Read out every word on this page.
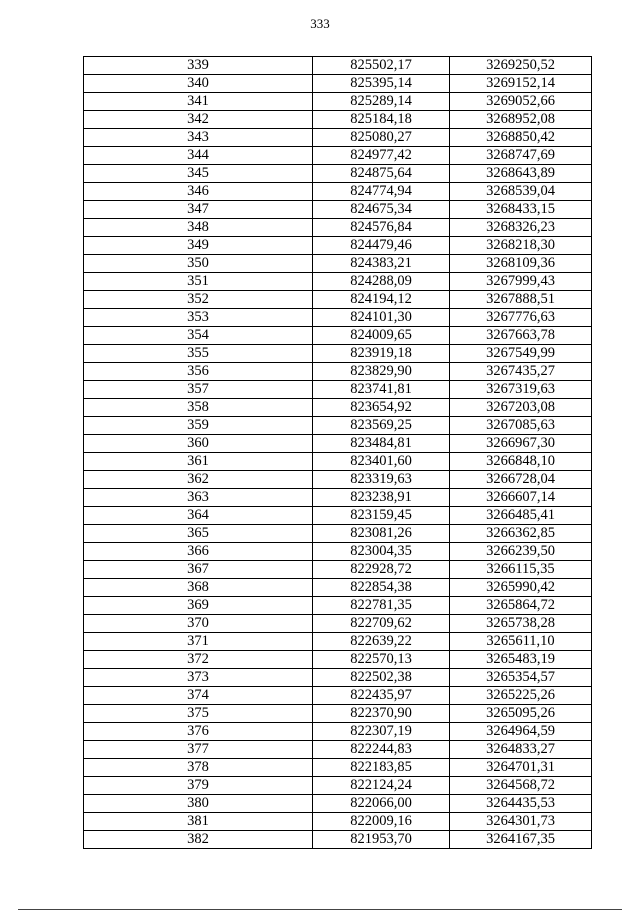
333
339	825502,17	3269250,52
340	825395,14	3269152,14
341	825289,14	3269052,66
342	825184,18	3268952,08
343	825080,27	3268850,42
344	824977,42	3268747,69
345	824875,64	3268643,89
346	824774,94	3268539,04
347	824675,34	3268433,15
348	824576,84	3268326,23
349	824479,46	3268218,30
350	824383,21	3268109,36
351	824288,09	3267999,43
352	824194,12	3267888,51
353	824101,30	3267776,63
354	824009,65	3267663,78
355	823919,18	3267549,99
356	823829,90	3267435,27
357	823741,81	3267319,63
358	823654,92	3267203,08
359	823569,25	3267085,63
360	823484,81	3266967,30
361	823401,60	3266848,10
362	823319,63	3266728,04
363	823238,91	3266607,14
364	823159,45	3266485,41
365	823081,26	3266362,85
366	823004,35	3266239,50
367	822928,72	3266115,35
368	822854,38	3265990,42
369	822781,35	3265864,72
370	822709,62	3265738,28
371	822639,22	3265611,10
372	822570,13	3265483,19
373	822502,38	3265354,57
374	822435,97	3265225,26
375	822370,90	3265095,26
376	822307,19	3264964,59
377	822244,83	3264833,27
378	822183,85	3264701,31
379	822124,24	3264568,72
380	822066,00	3264435,53
381	822009,16	3264301,73
382	821953,70	3264167,35
